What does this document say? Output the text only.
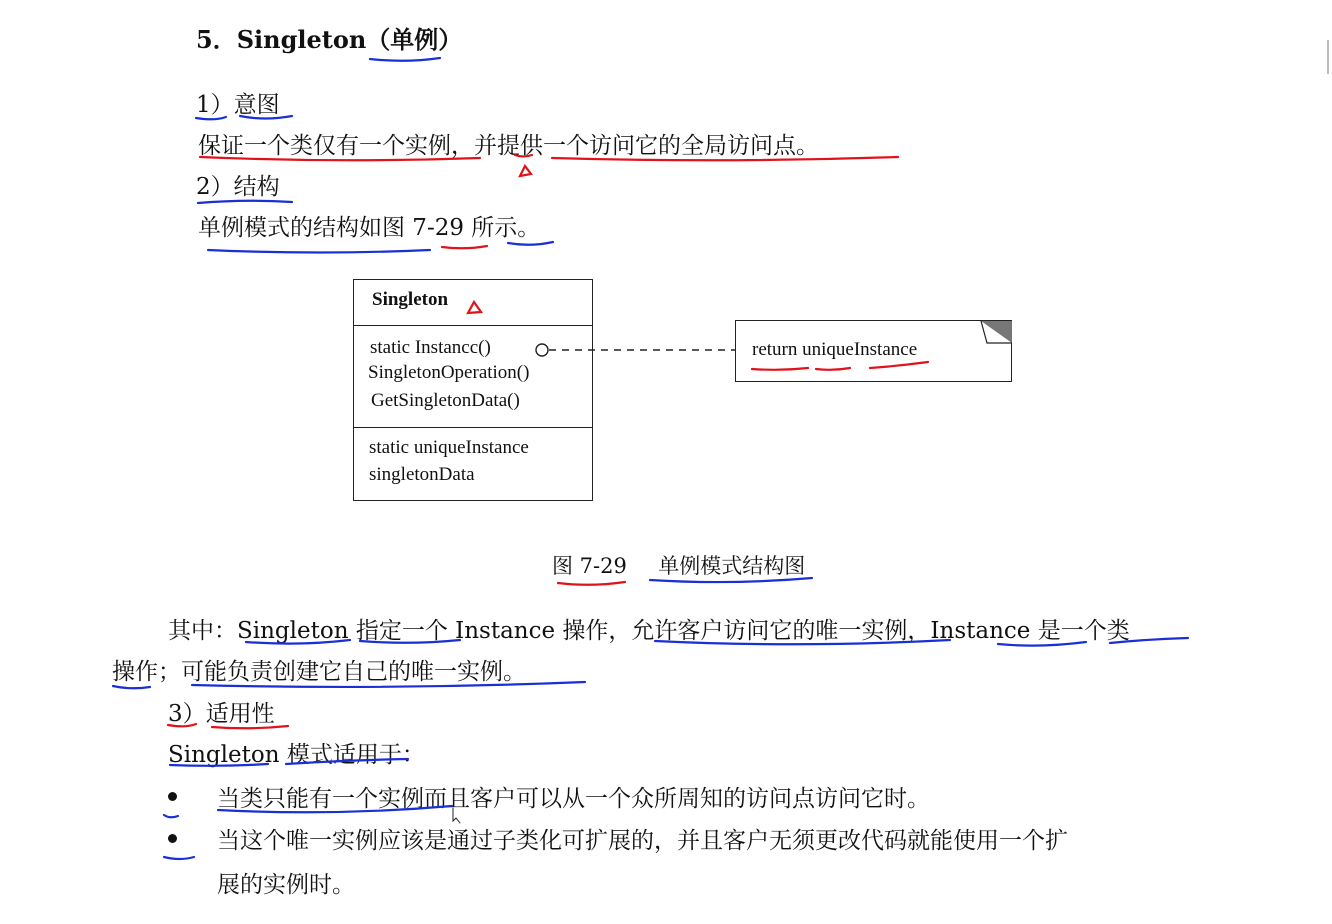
5．Singleton（单例）
1）意图
保证一个类仅有一个实例，并提供一个访问它的全局访问点。
2）结构
单例模式的结构如图 7-29 所示。
Singleton
static Instancc()
SingletonOperation()
GetSingletonData()
static uniqueInstance
singletonData
return uniqueInstance
图 7-29 单例模式结构图
其中：Singleton 指定一个 Instance 操作，允许客户访问它的唯一实例，Instance 是一个类
操作；可能负责创建它自己的唯一实例。
3）适用性
Singleton 模式适用于：
当类只能有一个实例而且客户可以从一个众所周知的访问点访问它时。
当这个唯一实例应该是通过子类化可扩展的，并且客户无须更改代码就能使用一个扩
展的实例时。
